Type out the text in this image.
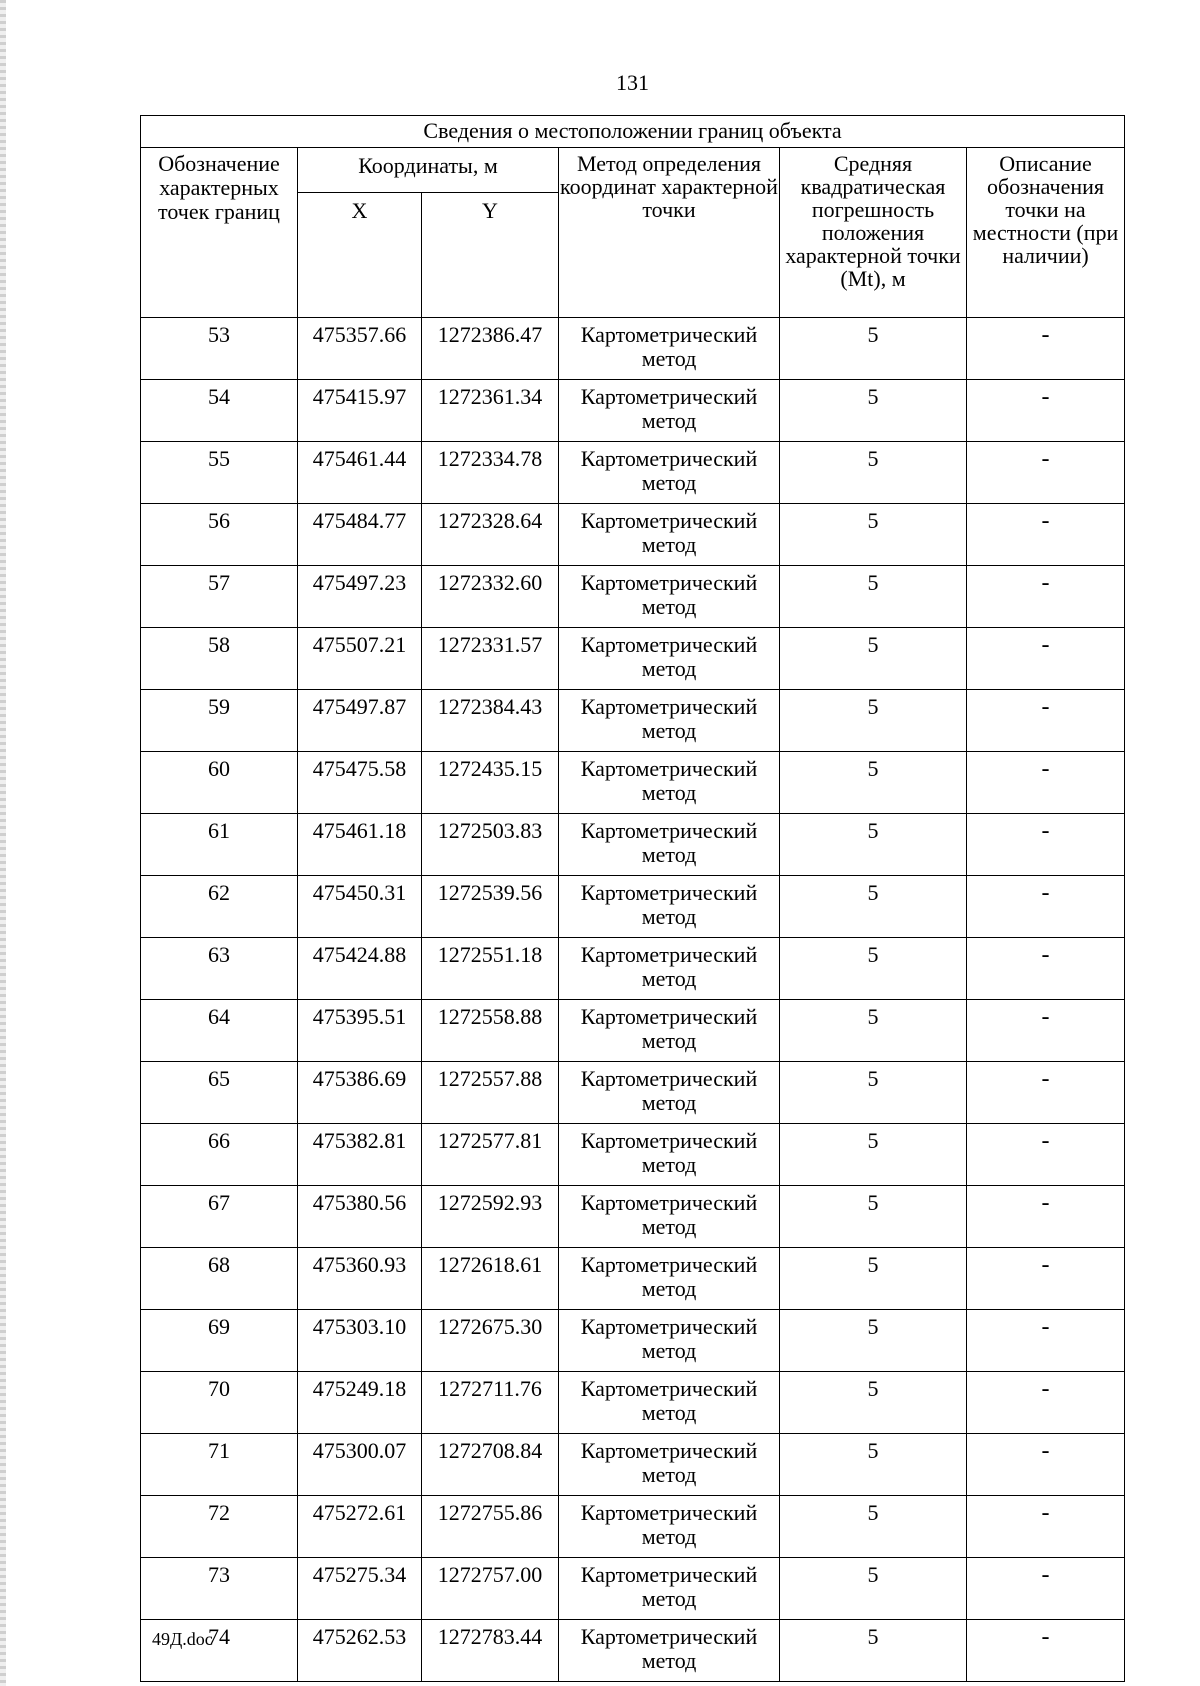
131
Сведения о местоположении границ объекта					
Обозначение характерных точек границ	Координаты, м		Метод определения координат характерной точки	Средняя квадратическая погрешность положения характерной точки (Mt), м	Описание обозначения точки на местности (при наличии)
	X	Y			
53	475357.66	1272386.47	Картометрический метод	5	-
54	475415.97	1272361.34	Картометрический метод	5	-
55	475461.44	1272334.78	Картометрический метод	5	-
56	475484.77	1272328.64	Картометрический метод	5	-
57	475497.23	1272332.60	Картометрический метод	5	-
58	475507.21	1272331.57	Картометрический метод	5	-
59	475497.87	1272384.43	Картометрический метод	5	-
60	475475.58	1272435.15	Картометрический метод	5	-
61	475461.18	1272503.83	Картометрический метод	5	-
62	475450.31	1272539.56	Картометрический метод	5	-
63	475424.88	1272551.18	Картометрический метод	5	-
64	475395.51	1272558.88	Картометрический метод	5	-
65	475386.69	1272557.88	Картометрический метод	5	-
66	475382.81	1272577.81	Картометрический метод	5	-
67	475380.56	1272592.93	Картометрический метод	5	-
68	475360.93	1272618.61	Картометрический метод	5	-
69	475303.10	1272675.30	Картометрический метод	5	-
70	475249.18	1272711.76	Картометрический метод	5	-
71	475300.07	1272708.84	Картометрический метод	5	-
72	475272.61	1272755.86	Картометрический метод	5	-
73	475275.34	1272757.00	Картометрический метод	5	-
74	475262.53	1272783.44	Картометрический метод	5	-
49Д.doc
